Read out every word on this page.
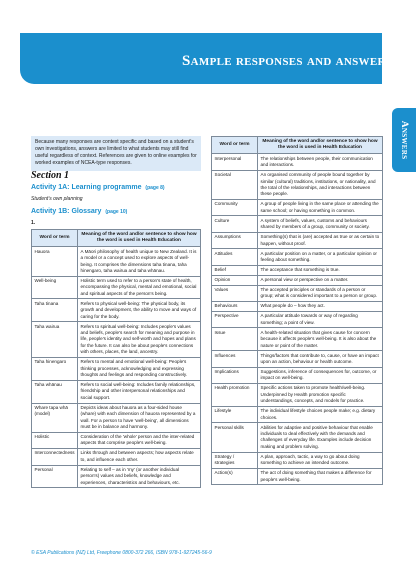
Sample responses and answers
Answers
Because many responses are context specific and based on a student's own investigations, answers are limited to what students may still find useful regardless of context. References are given to online examples for worked examples of NCEA-type responses.
Section 1
Activity 1A: Learning programme (page 8)
Student's own planning
Activity 1B: Glossary (page 10)
1.
Word or term	Meaning of the word and/or sentence to show how the word is used in Health Education
Hauora	A Māori philosophy of health unique to New Zealand. It is a model or a concept used to explore aspects of well-being. It comprises the dimensions taha tinana, taha hinengaro, taha wairua and taha whānau.
Well-being	Holistic term used to refer to a person's state of health, encompassing the physical, mental and emotional, social and spiritual aspects of the person's being.
Taha tinana	Refers to physical well-being: The physical body, its growth and development, the ability to move and ways of caring for the body.
Taha wairua	Refers to spiritual well-being: Includes people's values and beliefs, people's search for meaning and purpose in life, people's identity and self-worth and hopes and plans for the future. It can also be about people's connections with others, places, the land, ancestry.
Taha hinengaro	Refers to mental and emotional well-being: People's thinking processes, acknowledging and expressing thoughts and feelings and responding constructively.
Taha whānau	Refers to social well-being: Includes family relationships, friendship and other interpersonal relationships and social support.
Whare tapa whā (model)	Depicts ideas about hauora as a four-sided house (whare) with each dimension of hauora represented by a wall. For a person to have 'well-being', all dimensions must be in balance and harmony.
Holistic	Consideration of the 'whole' person and the inter-related aspects that comprise people's well-being.
Interconnectedness	Links through and between aspects; how aspects relate to, and influence each other.
Personal	Relating to self – as in 'my' (or another individual person's) values and beliefs, knowledge and experiences, characteristics and behaviours, etc.
Word or term	Meaning of the word and/or sentence to show how the word is used in Health Education
Interpersonal	The relationships between people, their communication and interactions.
Societal	An organised community of people bound together by similar (cultural) traditions, institutions, or nationality, and the total of the relationships, and interactions between these people.
Community	A group of people living in the same place or attending the same school; or having something in common.
Culture	A system of beliefs, values, customs and behaviours shared by members of a group, community or society.
Assumptions	Something(s) that is (are) accepted as true or as certain to happen, without proof.
Attitudes	A particular position on a matter, or a particular opinion or feeling about something.
Belief	The acceptance that something is true.
Opinion	A personal view or perspective on a matter.
Values	The accepted principles or standards of a person or group; what is considered important to a person or group.
Behaviours	What people do – how they act.
Perspective	A particular attitude towards or way of regarding something; a point of view.
Issue	A health-related situation that gives cause for concern because it affects people's well-being. It is also about the nature or point of the matter.
Influences	Things/factors that contribute to, cause, or have an impact upon an action, behaviour or health outcome.
Implications	Suggestions, inference of consequences for, outcome, or impact on well-being.
Health promotion	Specific actions taken to promote health/well-being. Underpinned by Health promotion specific understandings, concepts, and models for practice.
Lifestyle	The individual lifestyle choices people make; e.g. dietary choices.
Personal skills	Abilities for adaptive and positive behaviour that enable individuals to deal effectively with the demands and challenges of everyday life. Examples include decision making and problem solving.
Strategy / strategies	A plan, approach, tactic, a way to go about doing something to achieve an intended outcome.
Action(s)	The act of doing something that makes a difference for people's well-being.
© ESA Publications (NZ) Ltd, Freephone 0800-372 266, ISBN 978-1-927245-56-9
